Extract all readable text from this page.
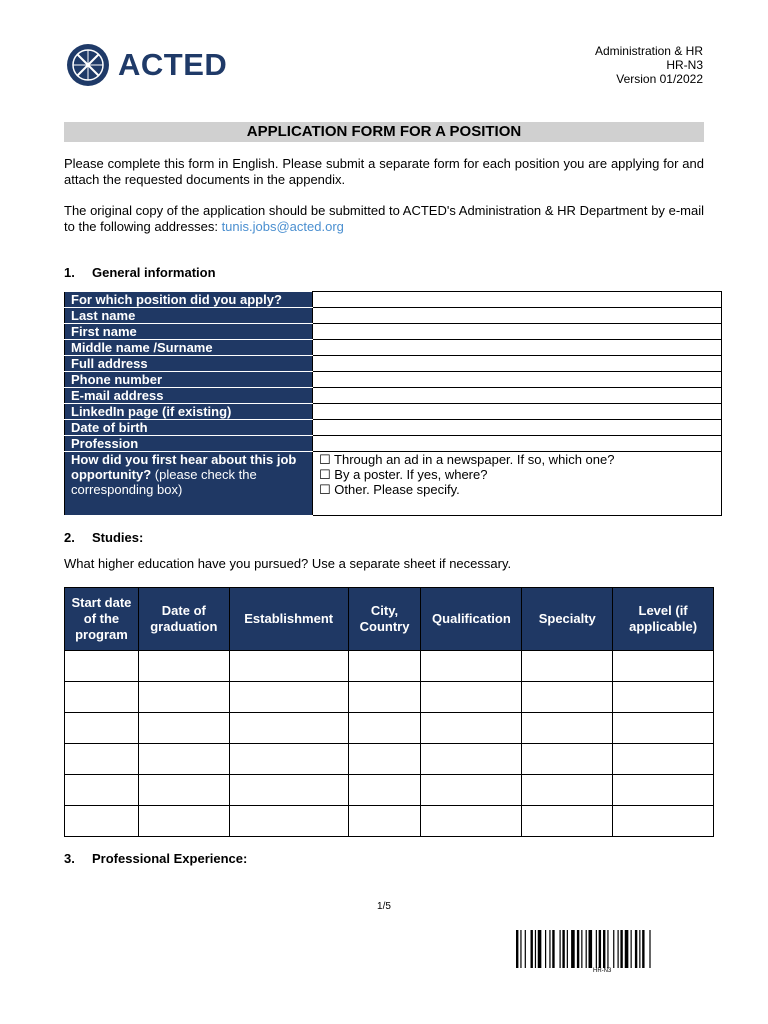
ACTED	Administration & HR
HR-N3
Version 01/2022
APPLICATION FORM FOR A POSITION
Please complete this form in English. Please submit a separate form for each position you are applying for and attach the requested documents in the appendix.
The original copy of the application should be submitted to ACTED's Administration & HR Department by e-mail to the following addresses: tunis.jobs@acted.org
1. General information
For which position did you apply?	
Last name	
First name	
Middle name /Surname	
Full address	
Phone number	
E-mail address	
LinkedIn page (if existing)	
Date of birth	
Profession	
How did you first hear about this job opportunity? (please check the corresponding box)	☐ Through an ad in a newspaper. If so, which one?
☐ By a poster. If yes, where?
☐ Other. Please specify.
2. Studies:
What higher education have you pursued? Use a separate sheet if necessary.
Start date of the program	Date of graduation	Establishment	City, Country	Qualification	Specialty	Level (if applicable)

3. Professional Experience:
1/5
HR-N3
